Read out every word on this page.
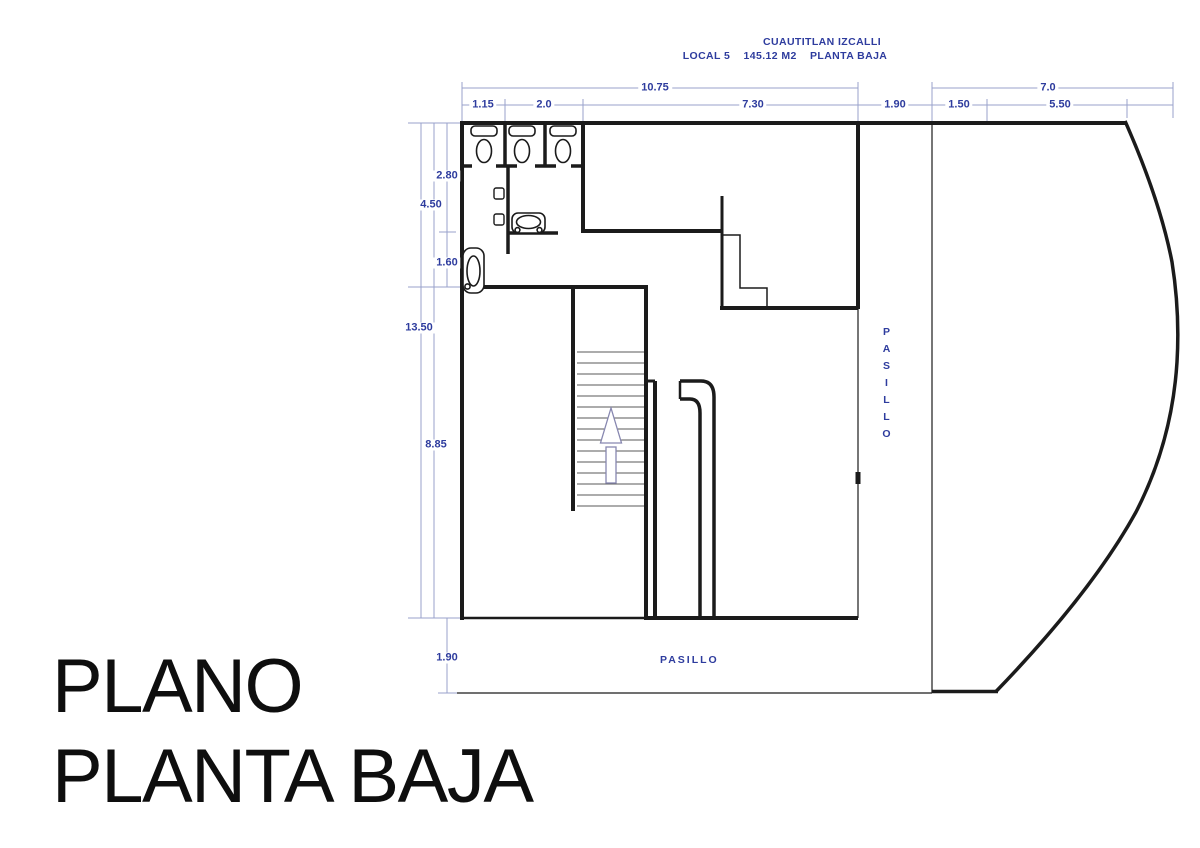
CUAUTITLAN IZCALLI
LOCAL 5    145.12 M2    PLANTA BAJA
10.75	7.0
1.15	2.0	7.30	1.90	1.50	5.50
2.80
4.50
1.60
13.50
8.85
1.90
PASILLO
PASILLO
PLANO
PLANTA BAJA
